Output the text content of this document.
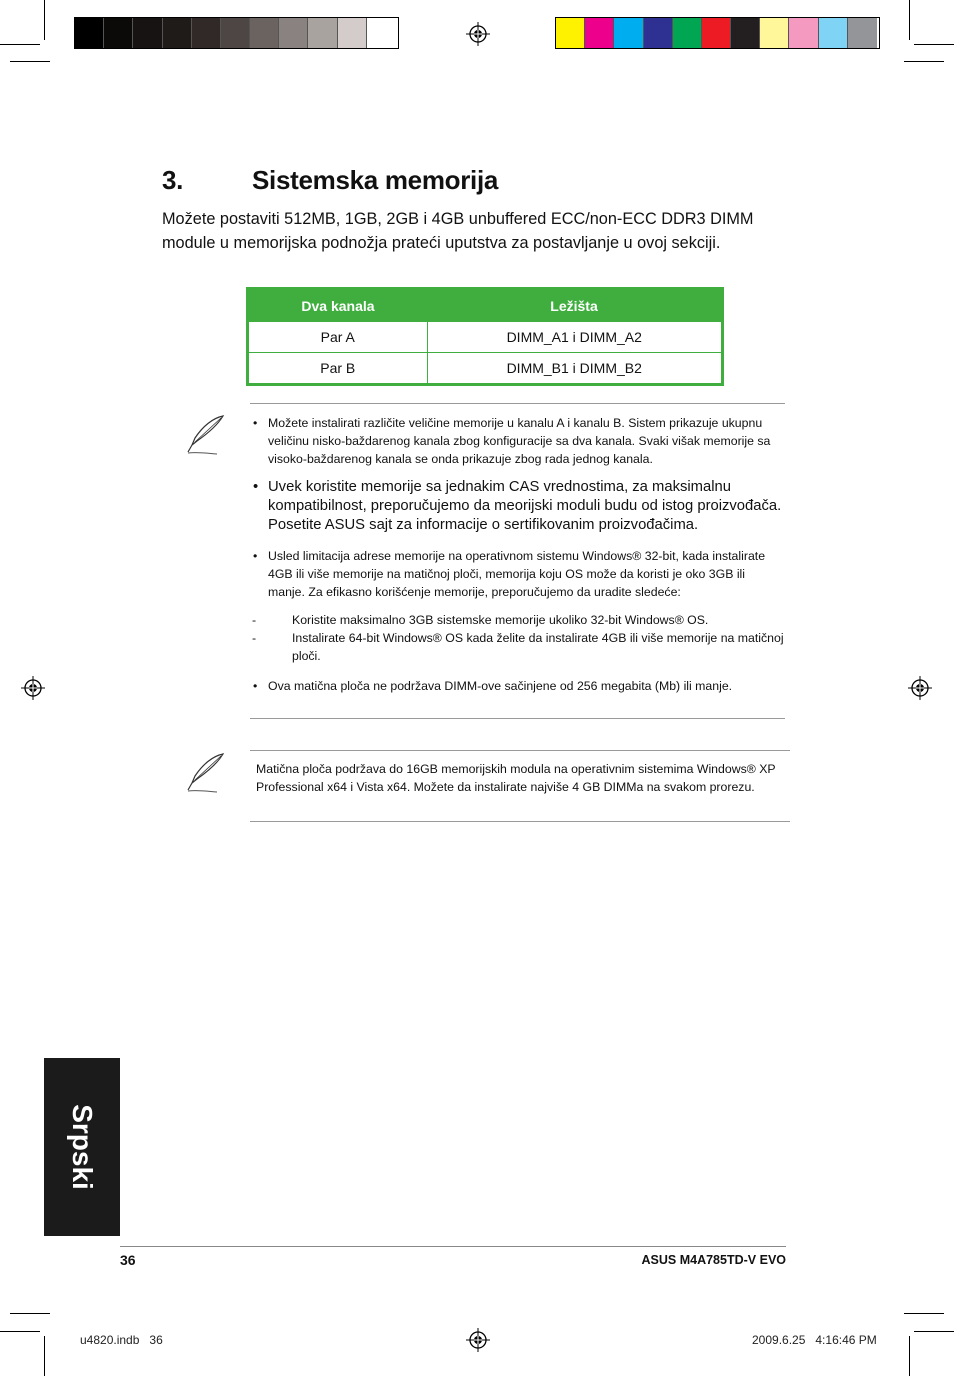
3.	Sistemska memorija

Možete postaviti 512MB, 1GB, 2GB i 4GB unbuffered ECC/non-ECC DDR3 DIMM module u memorijska podnožja prateći uputstva za postavljanje u ovoj sekciji.

Dva kanala	Ležišta
Par A	DIMM_A1 i DIMM_A2
Par B	DIMM_B1 i DIMM_B2
• Možete instalirati različite veličine memorije u kanalu A i kanalu B. Sistem prikazuje ukupnu veličinu nisko-baždarenog kanala zbog konfiguracije sa dva kanala. Svaki višak memorije sa visoko-baždarenog kanala se onda prikazuje zbog rada jednog kanala.
• Uvek koristite memorije sa jednakim CAS vrednostima, za maksimalnu kompatibilnost, preporučujemo da meorijski moduli budu od istog proizvođača. Posetite ASUS sajt za informacije o sertifikovanim proizvođačima.
• Usled limitacija adrese memorije na operativnom sistemu Windows® 32-bit, kada instalirate 4GB ili više memorije na matičnoj ploči, memorija koju OS može da koristi je oko 3GB ili manje. Za efikasno korišćenje memorije, preporučujemo da uradite sledeće:
-	Koristite maksimalno 3GB sistemske memorije ukoliko 32-bit Windows® OS.
-	Instalirate 64-bit Windows® OS kada želite da instalirate 4GB ili više memorije na matičnoj ploči.
• Ova matična ploča ne podržava DIMM-ove sačinjene od 256 megabita (Mb) ili manje.
Matična ploča podržava do 16GB memorijskih modula na operativnim sistemima Windows® XP Professional x64 i Vista x64. Možete da instalirate najviše 4 GB DIMMa na svakom prorezu.
Srpski
36	ASUS M4A785TD-V EVO
u4820.indb   36	2009.6.25   4:16:46 PM
